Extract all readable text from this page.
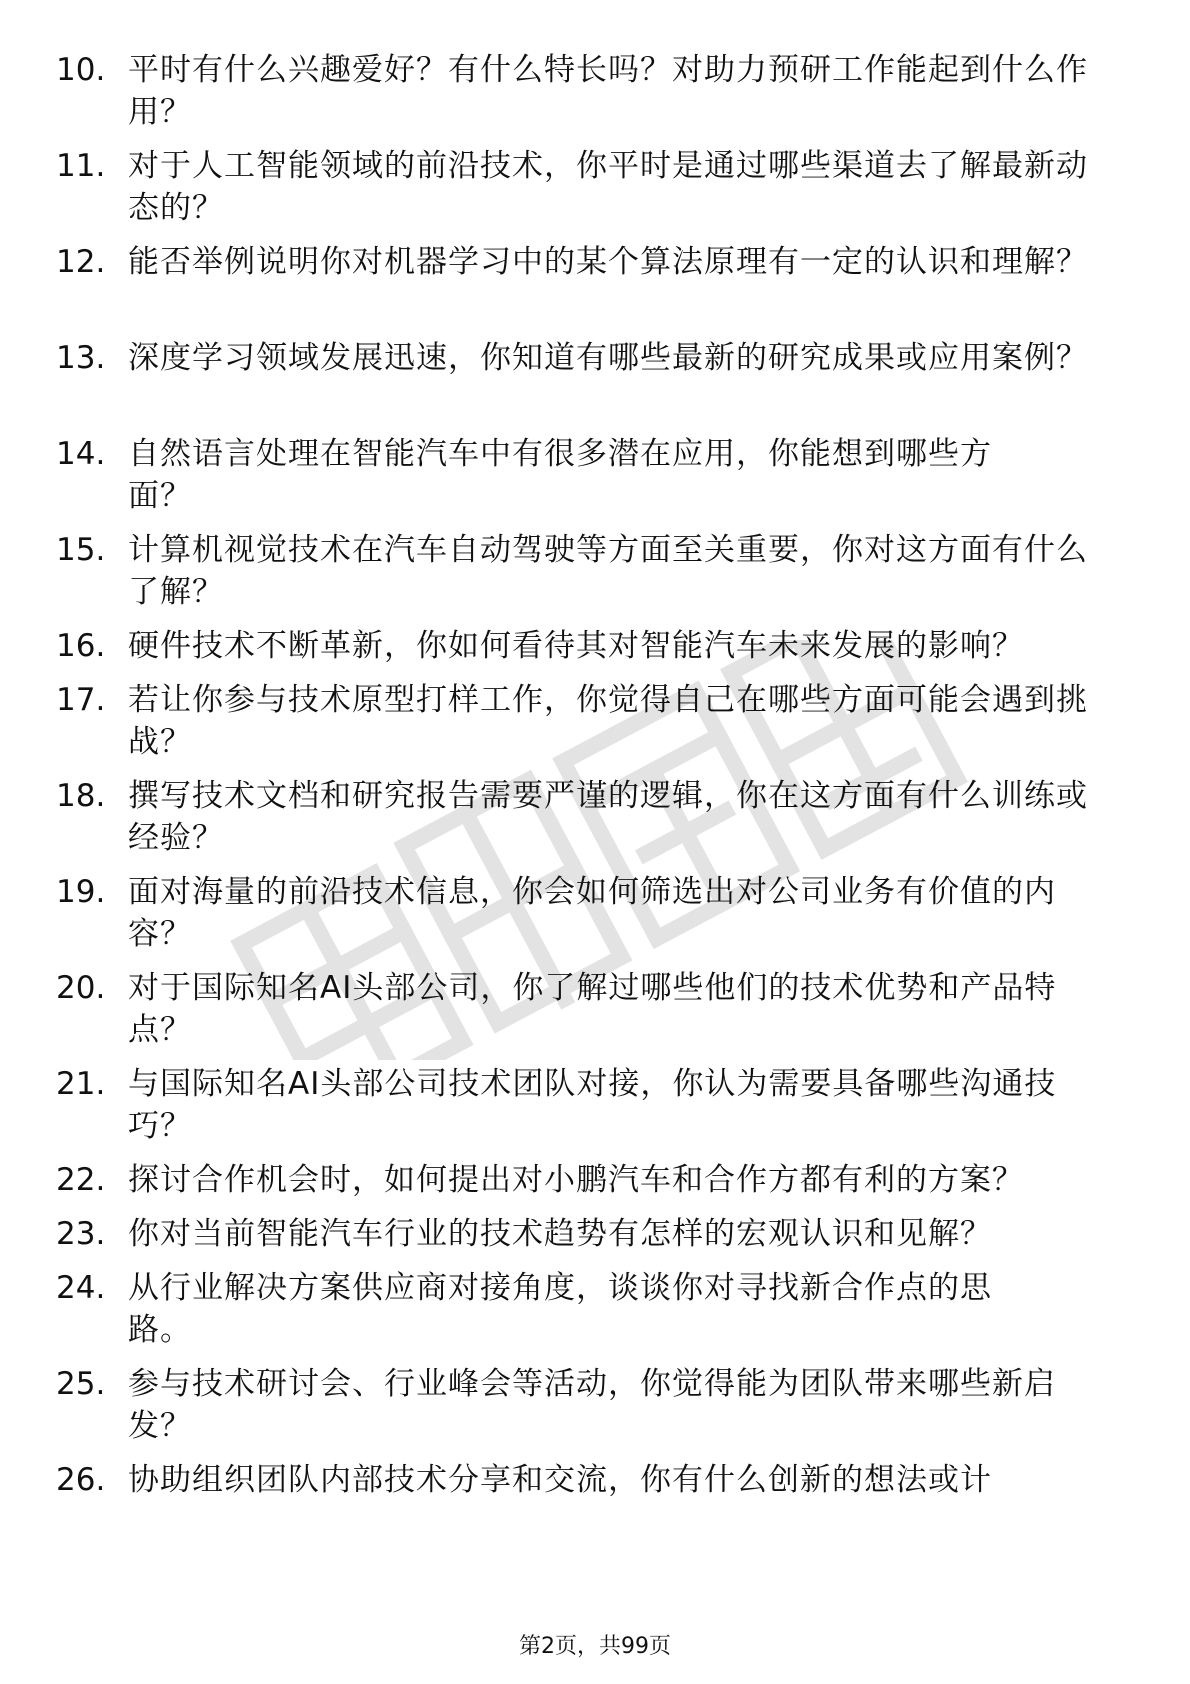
10. 平时有什么兴趣爱好？有什么特长吗？对助力预研工作能起到什么作用？
11. 对于人工智能领域的前沿技术，你平时是通过哪些渠道去了解最新动态的？
12. 能否举例说明你对机器学习中的某个算法原理有一定的认识和理解？
13. 深度学习领域发展迅速，你知道有哪些最新的研究成果或应用案例？
14. 自然语言处理在智能汽车中有很多潜在应用，你能想到哪些方面？
15. 计算机视觉技术在汽车自动驾驶等方面至关重要，你对这方面有什么了解？
16. 硬件技术不断革新，你如何看待其对智能汽车未来发展的影响？
17. 若让你参与技术原型打样工作，你觉得自己在哪些方面可能会遇到挑战？
18. 撰写技术文档和研究报告需要严谨的逻辑，你在这方面有什么训练或经验？
19. 面对海量的前沿技术信息，你会如何筛选出对公司业务有价值的内容？
20. 对于国际知名AI头部公司，你了解过哪些他们的技术优势和产品特点？
21. 与国际知名AI头部公司技术团队对接，你认为需要具备哪些沟通技巧？
22. 探讨合作机会时，如何提出对小鹏汽车和合作方都有利的方案？
23. 你对当前智能汽车行业的技术趋势有怎样的宏观认识和见解？
24. 从行业解决方案供应商对接角度，谈谈你对寻找新合作点的思路。
25. 参与技术研讨会、行业峰会等活动，你觉得能为团队带来哪些新启发？
26. 协助组织团队内部技术分享和交流，你有什么创新的想法或计
第2页，共99页
